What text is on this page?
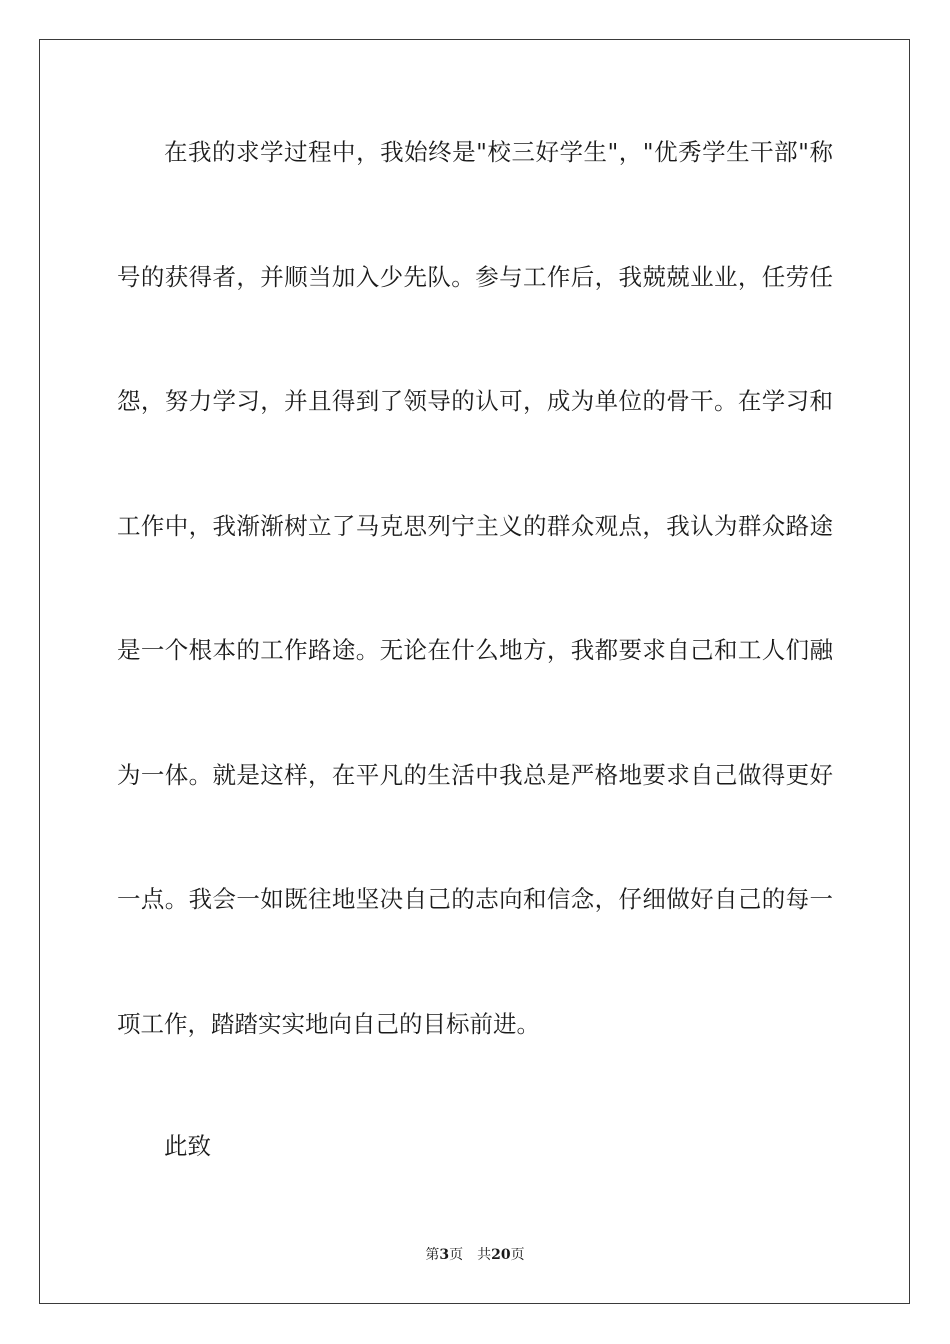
在我的求学过程中，我始终是"校三好学生"，"优秀学生干部"称
号的获得者，并顺当加入少先队。参与工作后，我兢兢业业，任劳任
怨，努力学习，并且得到了领导的认可，成为单位的骨干。在学习和
工作中，我渐渐树立了马克思列宁主义的群众观点，我认为群众路途
是一个根本的工作路途。无论在什么地方，我都要求自己和工人们融
为一体。就是这样，在平凡的生活中我总是严格地要求自己做得更好
一点。我会一如既往地坚决自己的志向和信念，仔细做好自己的每一
项工作，踏踏实实地向自己的目标前进。
此致
第3页 共20页
